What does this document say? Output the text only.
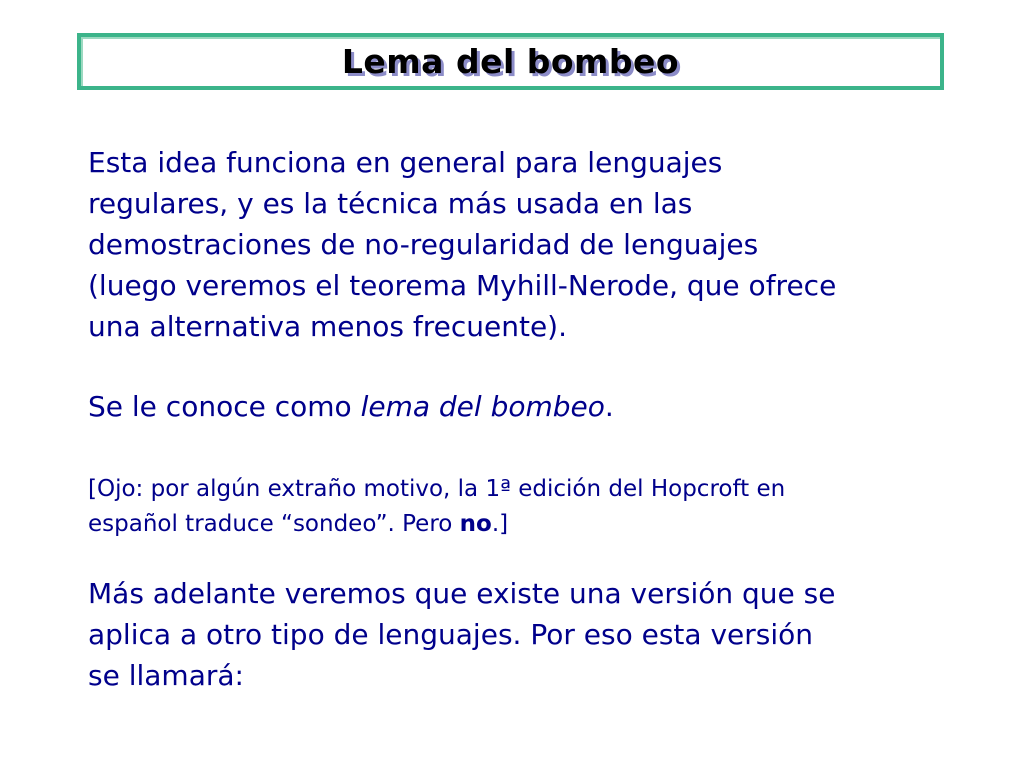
Lema del bombeo
Esta idea funciona en general para lenguajes
regulares, y es la técnica más usada en las
demostraciones de no-regularidad de lenguajes
(luego veremos el teorema Myhill-Nerode, que ofrece
una alternativa menos frecuente).
Se le conoce como lema del bombeo.
[Ojo: por algún extraño motivo, la 1ª edición del Hopcroft en
español traduce “sondeo”. Pero no.]
Más adelante veremos que existe una versión que se
aplica a otro tipo de lenguajes. Por eso esta versión
se llamará:
